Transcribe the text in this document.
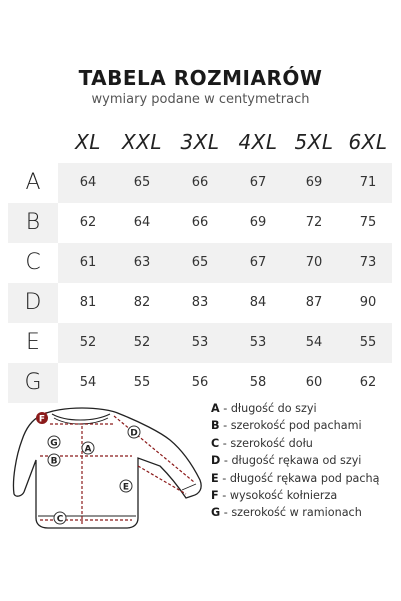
TABELA ROZMIARÓW
wymiary podane w centymetrach
XL	XXL 3XL 4XL 5XL 6XL
A	64	65	66	67	69	71
B	62	64	66	69	72	75
C	61	63	65	67	70	73
D	81	82	83	84	87	90
E	52	52	53	53	54	55
G	54	55	56	58	60	62
F
G
B
A
D
E
C
A - długość do szyi
B - szerokość pod pachami
C - szerokość dołu
D - długość rękawa od szyi
E - długość rękawa pod pachą
F - wysokość kołnierza
G - szerokość w ramionach
